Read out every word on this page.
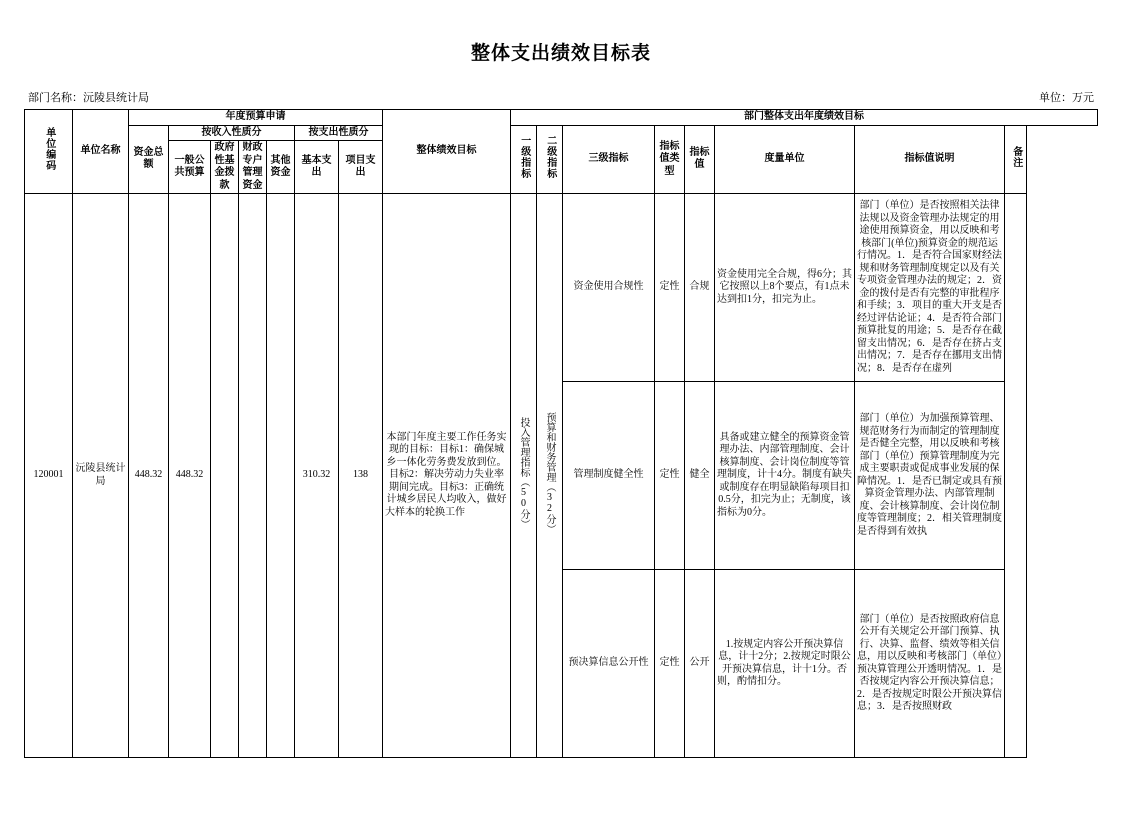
整体支出绩效目标表
部门名称：沅陵县统计局	单位：万元
单位编码	单位名称	年度预算申请							整体绩效目标	部门整体支出年度绩效目标							
		资金总额	按收入性质分				按支出性质分			一级指标	二级指标	三级指标	指标值类型	指标值	度量单位	指标值说明	备注
			一般公共预算	政府性基金拨款	财政专户管理资金	其他资金	基本支出	项目支出									

120001	沅陵县统计局	448.32	448.32				310.32	138	本部门年度主要工作任务实现的目标：目标1：确保城乡一体化劳务费发放到位。目标2：解决劳动力失业率期间完成。目标3：正确统计城乡居民人均收入，做好大样本的轮换工作	投入管理指标（50分）	预算和财务管理（32分）	资金使用合规性	定性	合规	资金使用完全合规，得6分；其它按照以上8个要点，有1点未达到扣1分，扣完为止。	部门（单位）是否按照相关法律法规以及资金管理办法规定的用途使用预算资金，用以反映和考核部门(单位)预算资金的规范运行情况。1．是否符合国家财经法规和财务管理制度规定以及有关专项资金管理办法的规定；2．资金的拨付是否有完整的审批程序和手续；3．项目的重大开支是否经过评估论证；4．是否符合部门预算批复的用途；5．是否存在截留支出情况；6．是否存在挤占支出情况；7．是否存在挪用支出情况；8．是否存在虚列	
												管理制度健全性	定性	健全	具备或建立健全的预算资金管理办法、内部管理制度、会计核算制度、会计岗位制度等管理制度，计十4分。制度有缺失或制度存在明显缺陷每项目扣0.5分，扣完为止；无制度，该指标为0分。	部门（单位）为加强预算管理、规范财务行为而制定的管理制度是否健全完整，用以反映和考核部门（单位）预算管理制度为完成主要职责或促成事业发展的保障情况。1．是否已制定或具有预算资金管理办法、内部管理制度、会计核算制度、会计岗位制度等管理制度；2．相关管理制度是否得到有效执	
												预决算信息公开性	定性	公开	1.按规定内容公开预决算信息，计十2分；2.按规定时限公开预决算信息，计十1分。否则，酌情扣分。	部门（单位）是否按照政府信息公开有关规定公开部门预算、执行、决算、监督、绩效等相关信息，用以反映和考核部门（单位）预决算管理公开透明情况。1．是否按规定内容公开预决算信息；2．是否按规定时限公开预决算信息；3．是否按照财政	
